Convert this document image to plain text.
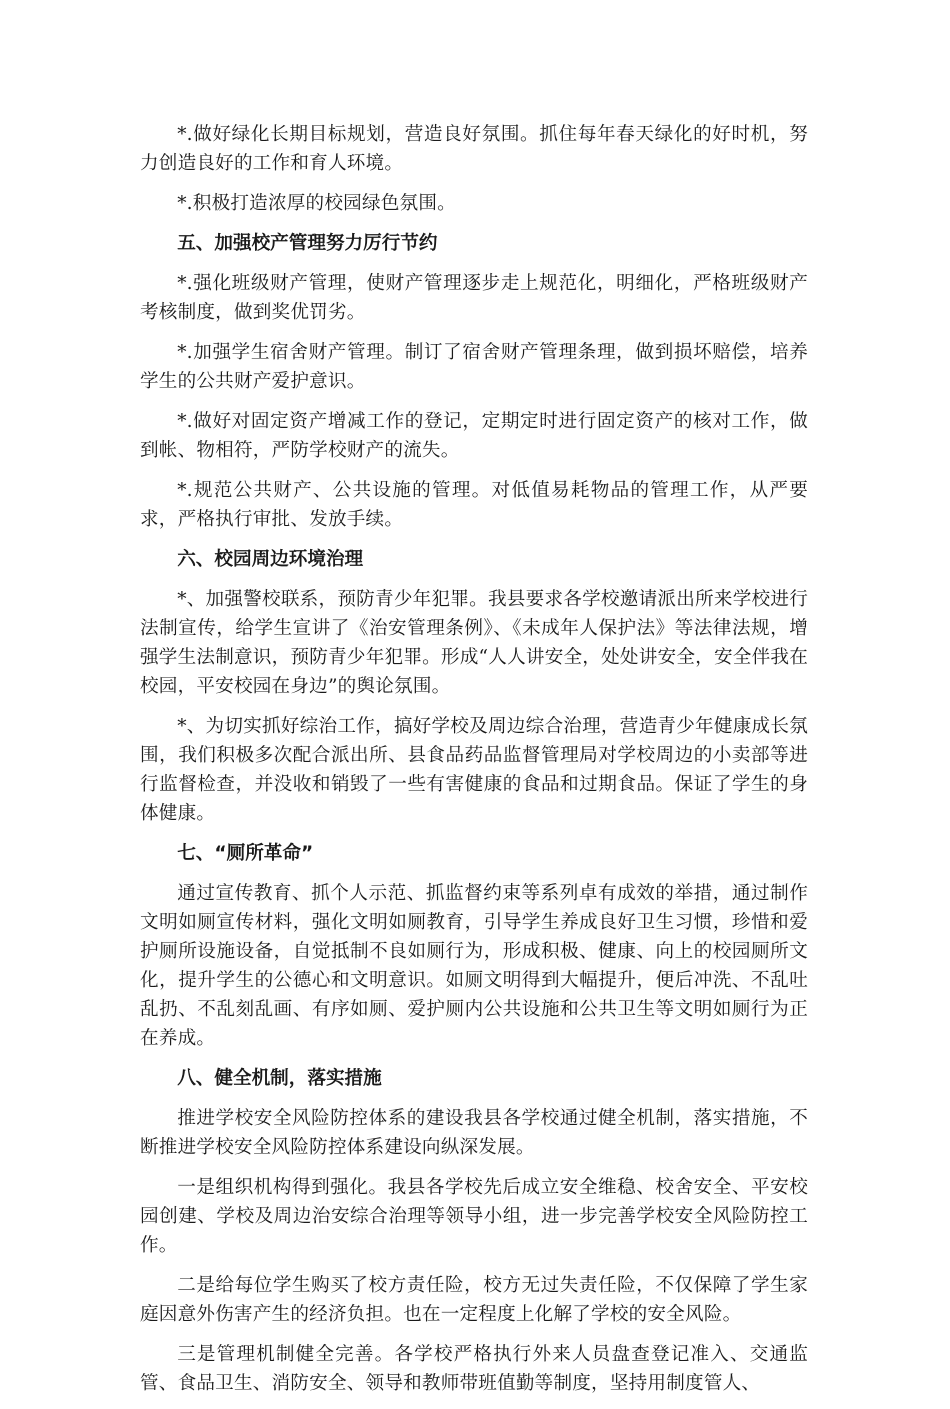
*.做好绿化长期目标规划，营造良好氛围。抓住每年春天绿化的好时机，努力创造良好的工作和育人环境。

*.积极打造浓厚的校园绿色氛围。

五、加强校产管理努力厉行节约

*.强化班级财产管理，使财产管理逐步走上规范化，明细化，严格班级财产考核制度，做到奖优罚劣。

*.加强学生宿舍财产管理。制订了宿舍财产管理条理，做到损坏赔偿，培养学生的公共财产爱护意识。

*.做好对固定资产增减工作的登记，定期定时进行固定资产的核对工作，做到帐、物相符，严防学校财产的流失。

*.规范公共财产、公共设施的管理。对低值易耗物品的管理工作，从严要求，严格执行审批、发放手续。

六、校园周边环境治理

*、加强警校联系，预防青少年犯罪。我县要求各学校邀请派出所来学校进行法制宣传，给学生宣讲了《治安管理条例》、《未成年人保护法》等法律法规，增强学生法制意识，预防青少年犯罪。形成“人人讲安全，处处讲安全，安全伴我在校园，平安校园在身边”的舆论氛围。

*、为切实抓好综治工作，搞好学校及周边综合治理，营造青少年健康成长氛围，我们积极多次配合派出所、县食品药品监督管理局对学校周边的小卖部等进行监督检查，并没收和销毁了一些有害健康的食品和过期食品。保证了学生的身体健康。

七、“厕所革命”

通过宣传教育、抓个人示范、抓监督约束等系列卓有成效的举措，通过制作文明如厕宣传材料，强化文明如厕教育，引导学生养成良好卫生习惯，珍惜和爱护厕所设施设备，自觉抵制不良如厕行为，形成积极、健康、向上的校园厕所文化，提升学生的公德心和文明意识。如厕文明得到大幅提升，便后冲洗、不乱吐乱扔、不乱刻乱画、有序如厕、爱护厕内公共设施和公共卫生等文明如厕行为正在养成。

八、健全机制，落实措施

推进学校安全风险防控体系的建设我县各学校通过健全机制，落实措施，不断推进学校安全风险防控体系建设向纵深发展。

一是组织机构得到强化。我县各学校先后成立安全维稳、校舍安全、平安校园创建、学校及周边治安综合治理等领导小组，进一步完善学校安全风险防控工作。

二是给每位学生购买了校方责任险，校方无过失责任险，不仅保障了学生家庭因意外伤害产生的经济负担。也在一定程度上化解了学校的安全风险。

三是管理机制健全完善。各学校严格执行外来人员盘查登记准入、交通监管、食品卫生、消防安全、领导和教师带班值勤等制度，坚持用制度管人、
